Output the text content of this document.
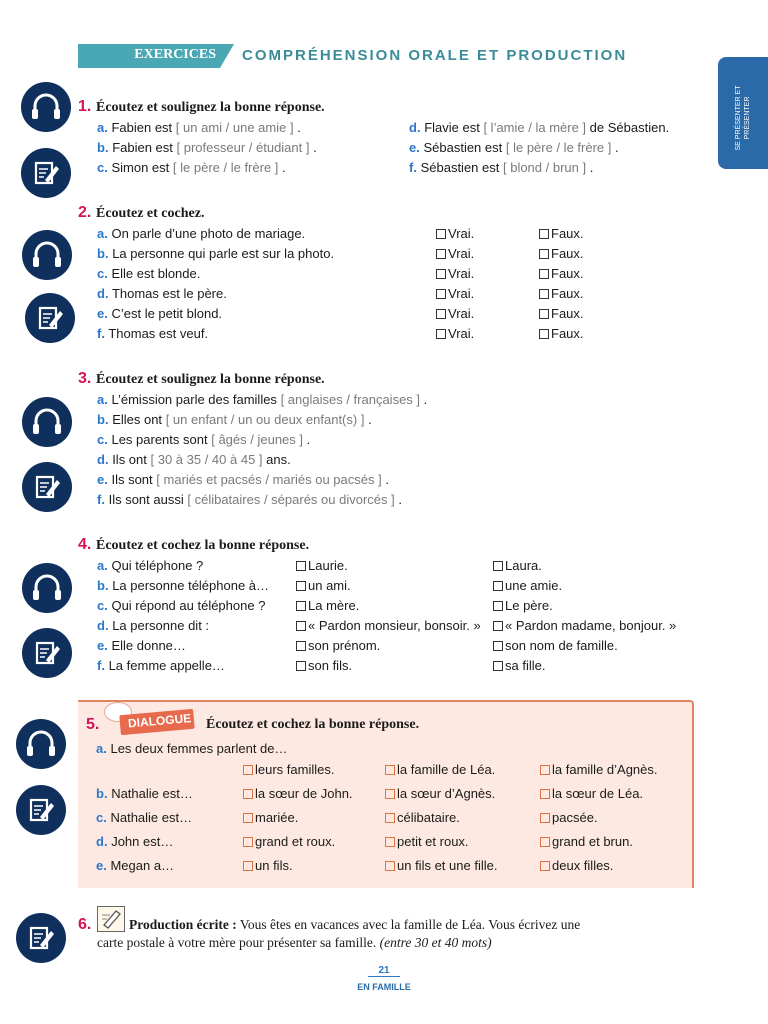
EXERCICES COMPRÉHENSION ORALE ET PRODUCTION
SE PRÉSENTER ET PRÉSENTER
1. Écoutez et soulignez la bonne réponse.
a. Fabien est [ un ami / une amie ] .
b. Fabien est [ professeur / étudiant ] .
c. Simon est [ le père / le frère ] .
d. Flavie est [ l’amie / la mère ] de Sébastien.
e. Sébastien est [ le père / le frère ] .
f. Sébastien est [ blond / brun ] .
2. Écoutez et cochez.
a. On parle d’une photo de mariage.	Vrai.	Faux.
b. La personne qui parle est sur la photo.	Vrai.	Faux.
c. Elle est blonde.	Vrai.	Faux.
d. Thomas est le père.	Vrai.	Faux.
e. C’est le petit blond.	Vrai.	Faux.
f. Thomas est veuf.	Vrai.	Faux.
3. Écoutez et soulignez la bonne réponse.
a. L’émission parle des familles [ anglaises / françaises ] .
b. Elles ont [ un enfant / un ou deux enfant(s) ] .
c. Les parents sont [ âgés / jeunes ] .
d. Ils ont [ 30 à 35 / 40 à 45 ] ans.
e. Ils sont [ mariés et pacsés / mariés ou pacsés ] .
f. Ils sont aussi [ célibataires / séparés ou divorcés ] .
4. Écoutez et cochez la bonne réponse.
a. Qui téléphone ?	Laurie.	Laura.
b. La personne téléphone à…	un ami.	une amie.
c. Qui répond au téléphone ?	La mère.	Le père.
d. La personne dit :	« Pardon monsieur, bonsoir. »	« Pardon madame, bonjour. »
e. Elle donne…	son prénom.	son nom de famille.
f. La femme appelle…	son fils.	sa fille.
5. DIALOGUE Écoutez et cochez la bonne réponse.
a. Les deux femmes parlent de…
leurs familles.	la famille de Léa.	la famille d’Agnès.
b. Nathalie est…	la sœur de John.	la sœur d’Agnès.	la sœur de Léa.
c. Nathalie est…	mariée.	célibataire.	pacsée.
d. John est…	grand et roux.	petit et roux.	grand et brun.
e. Megan a…	un fils.	un fils et une fille.	deux filles.
6.	Production écrite : Vous êtes en vacances avec la famille de Léa. Vous écrivez une
carte postale à votre mère pour présenter sa famille. (entre 30 et 40 mots)
21
EN FAMILLE
